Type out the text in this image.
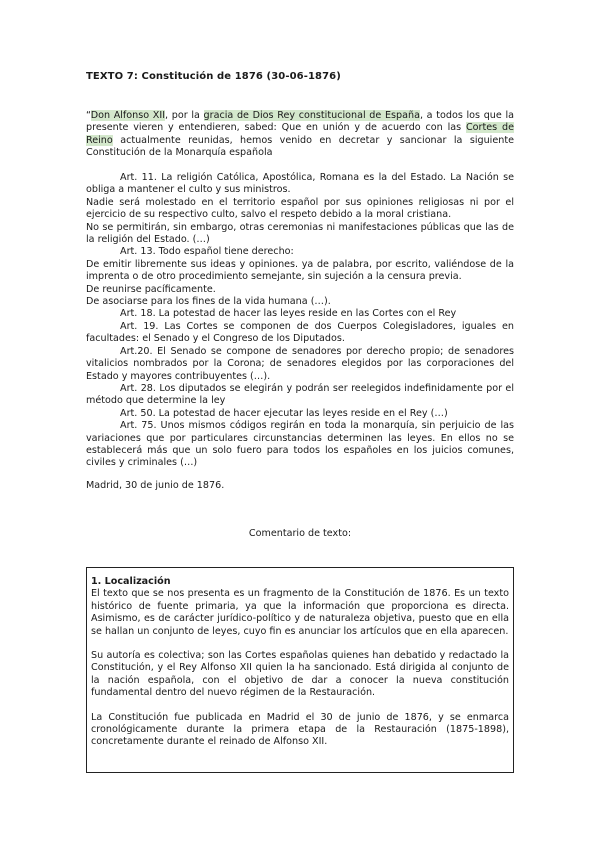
TEXTO 7: Constitución de 1876 (30-06-1876)
“Don Alfonso XII, por la gracia de Dios Rey constitucional de España, a todos los que la presente vieren y entendieren, sabed: Que en unión y de acuerdo con las Cortes de Reino actualmente reunidas, hemos venido en decretar y sancionar la siguiente Constitución de la Monarquía española

Art. 11. La religión Católica, Apostólica, Romana es la del Estado. La Nación se obliga a mantener el culto y sus ministros.

Nadie será molestado en el territorio español por sus opiniones religiosas ni por el ejercicio de su respectivo culto, salvo el respeto debido a la moral cristiana.

No se permitirán, sin embargo, otras ceremonias ni manifestaciones públicas que las de la religión del Estado. (…)

Art. 13. Todo español tiene derecho:

De emitir libremente sus ideas y opiniones. ya de palabra, por escrito, valiéndose de la imprenta o de otro procedimiento semejante, sin sujeción a la censura previa.

De reunirse pacíficamente.

De asociarse para los fines de la vida humana (…).

Art. 18. La potestad de hacer las leyes reside en las Cortes con el Rey

Art. 19. Las Cortes se componen de dos Cuerpos Colegisladores, iguales en facultades: el Senado y el Congreso de los Diputados.

Art.20. El Senado se compone de senadores por derecho propio; de senadores vitalicios nombrados por la Corona; de senadores elegidos por las corporaciones del Estado y mayores contribuyentes (…).

Art. 28. Los diputados se elegirán y podrán ser reelegidos indefinidamente por el método que determine la ley

Art. 50. La potestad de hacer ejecutar las leyes reside en el Rey (…)

Art. 75. Unos mismos códigos regirán en toda la monarquía, sin perjuicio de las variaciones que por particulares circunstancias determinen las leyes. En ellos no se establecerá más que un solo fuero para todos los españoles en los juicios comunes, civiles y criminales (…)

Madrid, 30 de junio de 1876.
Comentario de texto:

1. Localización

El texto que se nos presenta es un fragmento de la Constitución de 1876. Es un texto histórico de fuente primaria, ya que la información que proporciona es directa. Asimismo, es de carácter jurídico-político y de naturaleza objetiva, puesto que en ella se hallan un conjunto de leyes, cuyo fin es anunciar los artículos que en ella aparecen.

Su autoría es colectiva; son las Cortes españolas quienes han debatido y redactado la Constitución, y el Rey Alfonso XII quien la ha sancionado. Está dirigida al conjunto de la nación española, con el objetivo de dar a conocer la nueva constitución fundamental dentro del nuevo régimen de la Restauración.

La Constitución fue publicada en Madrid el 30 de junio de 1876, y se enmarca cronológicamente durante la primera etapa de la Restauración (1875-1898), concretamente durante el reinado de Alfonso XII.
